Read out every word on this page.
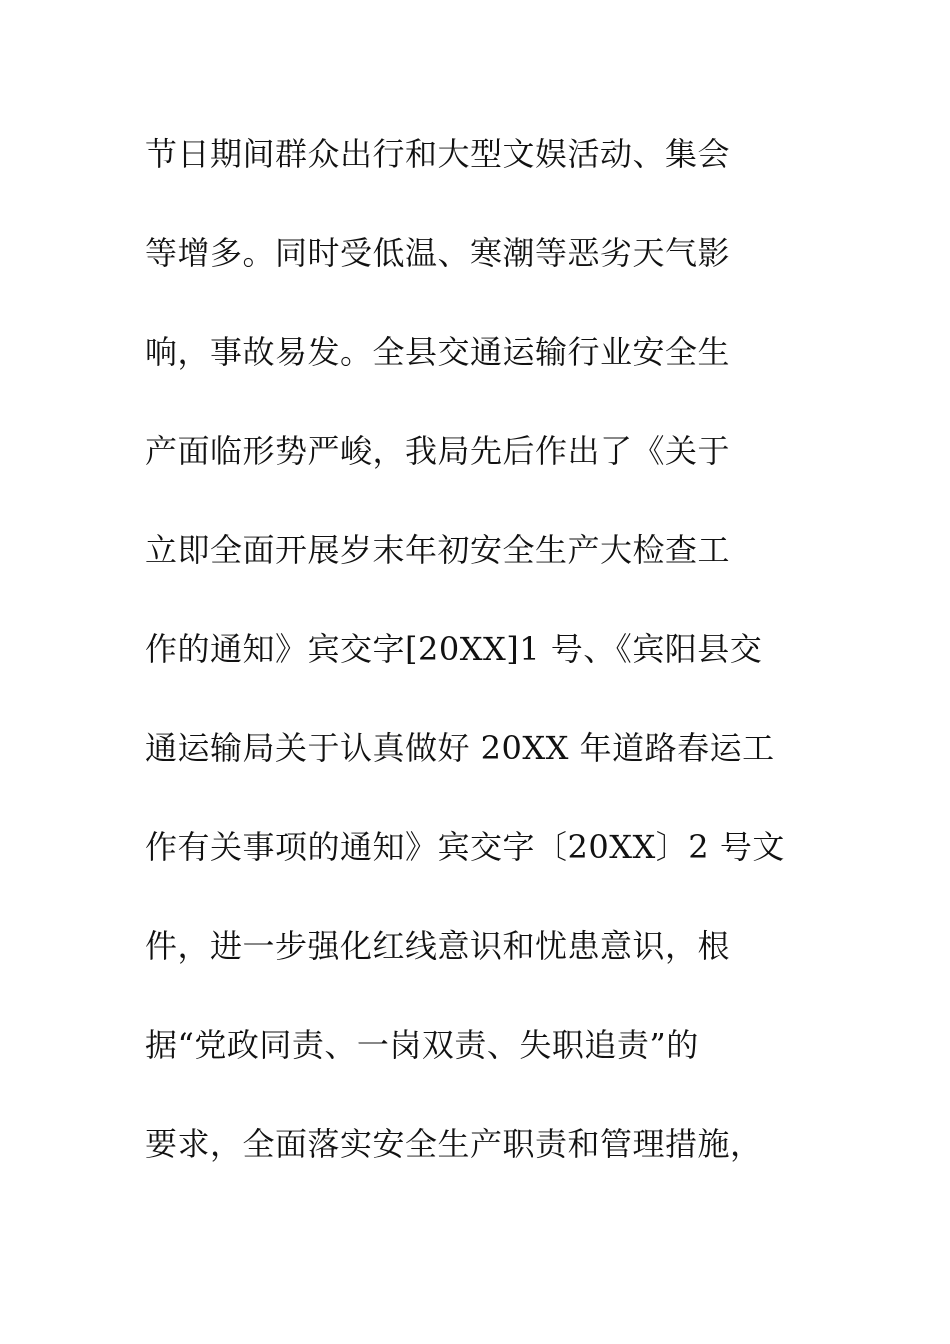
节日期间群众出行和大型文娱活动、集会
等增多。同时受低温、寒潮等恶劣天气影
响，事故易发。全县交通运输行业安全生
产面临形势严峻，我局先后作出了《关于
立即全面开展岁末年初安全生产大检查工
作的通知》宾交字[20XX]1 号、《宾阳县交
通运输局关于认真做好 20XX 年道路春运工
作有关事项的通知》宾交字〔20XX〕2 号文
件，进一步强化红线意识和忧患意识，根
据“党政同责、一岗双责、失职追责”的
要求，全面落实安全生产职责和管理措施，
